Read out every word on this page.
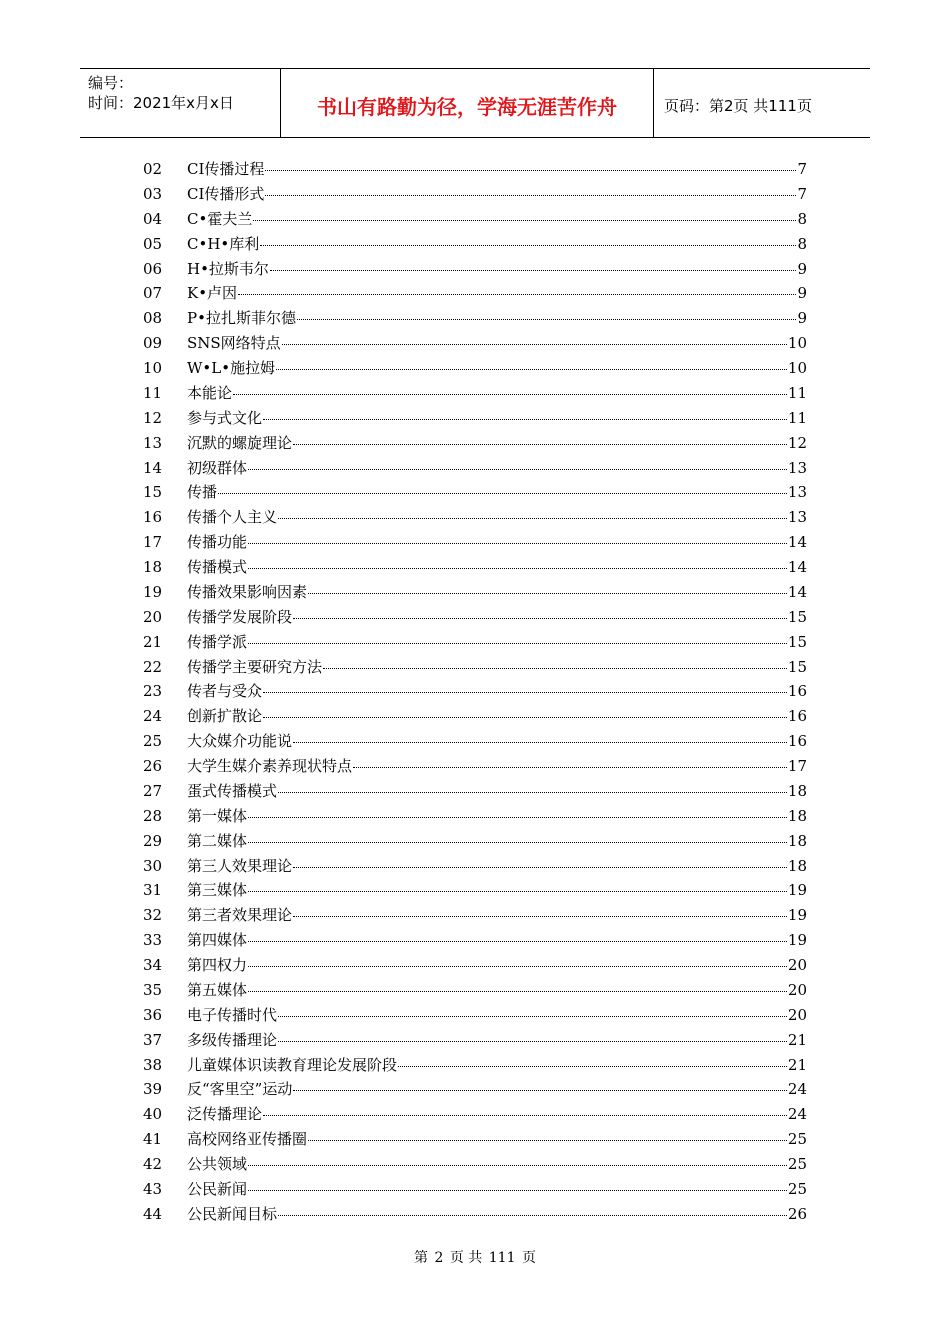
编号：
时间：2021年x月x日	书山有路勤为径，学海无涯苦作舟	页码：第2页 共111页
02	CI传播过程	7
03	CI传播形式	7
04	C•霍夫兰	8
05	C•H•库利	8
06	H•拉斯韦尔	9
07	K•卢因	9
08	P•拉扎斯菲尔德	9
09	SNS网络特点	10
10	W•L•施拉姆	10
11	本能论	11
12	参与式文化	11
13	沉默的螺旋理论	12
14	初级群体	13
15	传播	13
16	传播个人主义	13
17	传播功能	14
18	传播模式	14
19	传播效果影响因素	14
20	传播学发展阶段	15
21	传播学派	15
22	传播学主要研究方法	15
23	传者与受众	16
24	创新扩散论	16
25	大众媒介功能说	16
26	大学生媒介素养现状特点	17
27	蛋式传播模式	18
28	第一媒体	18
29	第二媒体	18
30	第三人效果理论	18
31	第三媒体	19
32	第三者效果理论	19
33	第四媒体	19
34	第四权力	20
35	第五媒体	20
36	电子传播时代	20
37	多级传播理论	21
38	儿童媒体识读教育理论发展阶段	21
39	反“客里空”运动	24
40	泛传播理论	24
41	高校网络亚传播圈	25
42	公共领域	25
43	公民新闻	25
44	公民新闻目标	26
第 2 页 共 111 页
